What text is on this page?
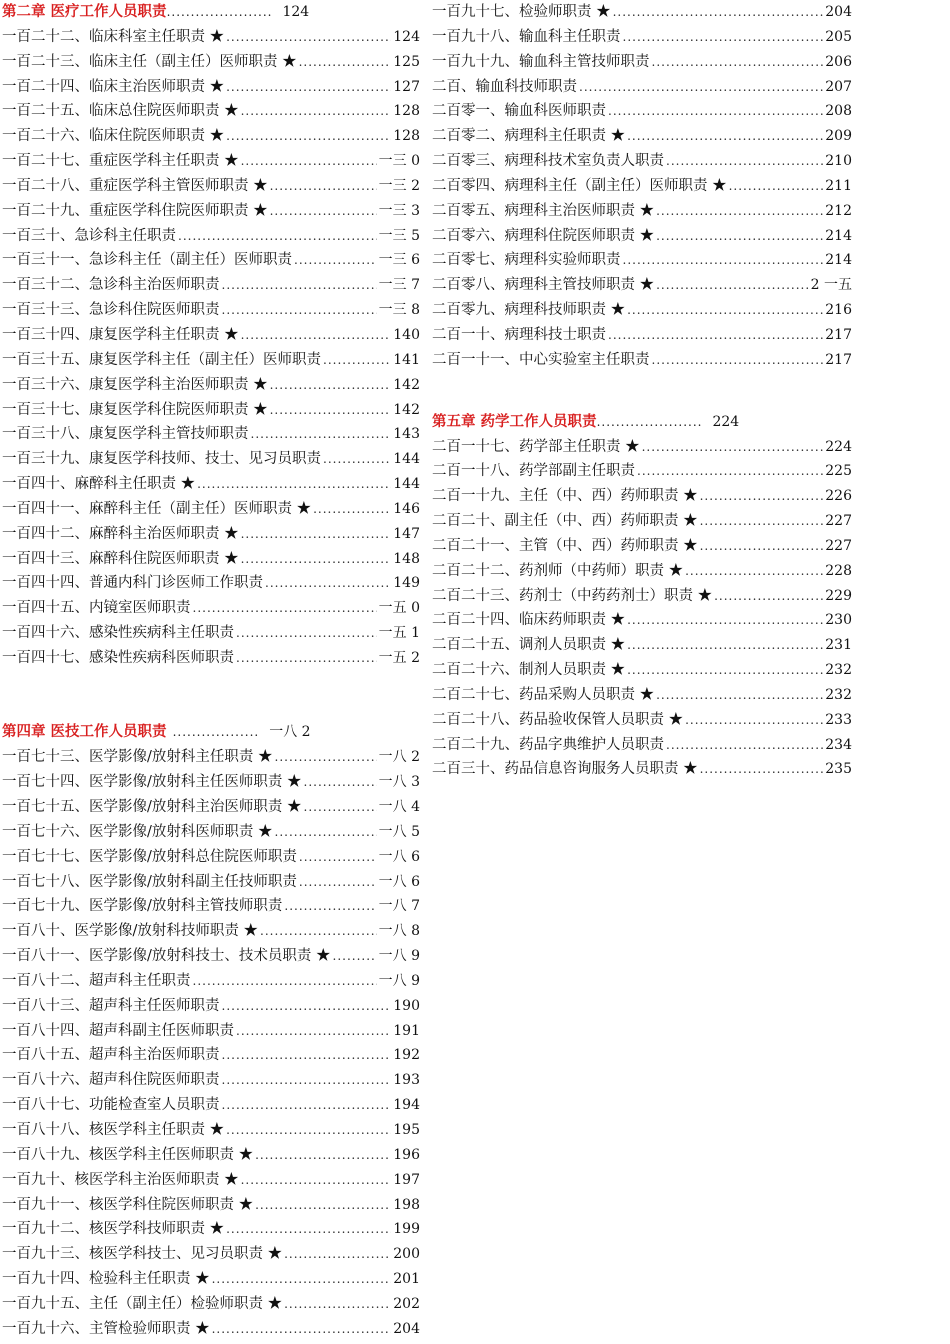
第二章 医疗工作人员职责 ...................... 124
一百二十二、临床科室主任职责 ★ .....	124
一百二十三、临床主任（副主任）医师职责 ★ .....	125
一百二十四、临床主治医师职责 ★ .....	127
一百二十五、临床总住院医师职责 ★ .....	128
一百二十六、临床住院医师职责 ★ .....	128
一百二十七、重症医学科主任职责 ★ .....	一三 0
一百二十八、重症医学科主管医师职责 ★ .....	一三 2
一百二十九、重症医学科住院医师职责 ★ .....	一三 3
一百三十、急诊科主任职责 .....	一三 5
一百三十一、急诊科主任（副主任）医师职责 .....	一三 6
一百三十二、急诊科主治医师职责 .....	一三 7
一百三十三、急诊科住院医师职责 .....	一三 8
一百三十四、康复医学科主任职责 ★ .....	140
一百三十五、康复医学科主任（副主任）医师职责 .....	141
一百三十六、康复医学科主治医师职责 ★ .....	142
一百三十七、康复医学科住院医师职责 ★ .....	142
一百三十八、康复医学科主管技师职责 .....	143
一百三十九、康复医学科技师、技士、见习员职责 .....	144
一百四十、麻醉科主任职责 ★ .....	144
一百四十一、麻醉科主任（副主任）医师职责 ★ .....	146
一百四十二、麻醉科主治医师职责 ★ .....	147
一百四十三、麻醉科住院医师职责 ★ .....	148
一百四十四、普通内科门诊医师工作职责 .....	149
一百四十五、内镜室医师职责 .....	一五 0
一百四十六、感染性疾病科主任职责 .....	一五 1
一百四十七、感染性疾病科医师职责 .....	一五 2
第四章 医技工作人员职责 .................. 一八 2
一百七十三、医学影像/放射科主任职责 ★ .....	一八 2
一百七十四、医学影像/放射科主任医师职责 ★ .....	一八 3
一百七十五、医学影像/放射科主治医师职责 ★ .....	一八 4
一百七十六、医学影像/放射科医师职责 ★ .....	一八 5
一百七十七、医学影像/放射科总住院医师职责 .....	一八 6
一百七十八、医学影像/放射科副主任技师职责 .....	一八 6
一百七十九、医学影像/放射科主管技师职责 .....	一八 7
一百八十、医学影像/放射科技师职责 ★ .....	一八 8
一百八十一、医学影像/放射科技士、技术员职责 ★ .....	一八 9
一百八十二、超声科主任职责 .....	一八 9
一百八十三、超声科主任医师职责 .....	190
一百八十四、超声科副主任医师职责 .....	191
一百八十五、超声科主治医师职责 .....	192
一百八十六、超声科住院医师职责 .....	193
一百八十七、功能检查室人员职责 .....	194
一百八十八、核医学科主任职责 ★ .....	195
一百八十九、核医学科主任医师职责 ★ .....	196
一百九十、核医学科主治医师职责 ★ .....	197
一百九十一、核医学科住院医师职责 ★ .....	198
一百九十二、核医学科技师职责 ★ .....	199
一百九十三、核医学科技士、见习员职责 ★ .....	200
一百九十四、检验科主任职责 ★ .....	201
一百九十五、主任（副主任）检验师职责 ★ .....	202
一百九十六、主管检验师职责 ★ .....	204
一百九十七、检验师职责 ★ .....	204
一百九十八、输血科主任职责 .....	205
一百九十九、输血科主管技师职责 .....	206
二百、输血科技师职责 .....	207
二百零一、输血科医师职责 .....	208
二百零二、病理科主任职责 ★ .....	209
二百零三、病理科技术室负责人职责 .....	210
二百零四、病理科主任（副主任）医师职责 ★ .....	211
二百零五、病理科主治医师职责 ★ .....	212
二百零六、病理科住院医师职责 ★ .....	214
二百零七、病理科实验师职责 .....	214
二百零八、病理科主管技师职责 ★ .....	2 一五
二百零九、病理科技师职责 ★ .....	216
二百一十、病理科技士职责 .....	217
二百一十一、中心实验室主任职责 .....	217
第五章 药学工作人员职责 ...................... 224
二百一十七、药学部主任职责 ★ .....	224
二百一十八、药学部副主任职责 .....	225
二百一十九、主任（中、西）药师职责 ★ .....	226
二百二十、副主任（中、西）药师职责 ★ .....	227
二百二十一、主管（中、西）药师职责 ★ .....	227
二百二十二、药剂师（中药师）职责 ★ .....	228
二百二十三、药剂士（中药药剂士）职责 ★ .....	229
二百二十四、临床药师职责 ★ .....	230
二百二十五、调剂人员职责 ★ .....	231
二百二十六、制剂人员职责 ★ .....	232
二百二十七、药品采购人员职责 ★ .....	232
二百二十八、药品验收保管人员职责 ★ .....	233
二百二十九、药品字典维护人员职责 .....	234
二百三十、药品信息咨询服务人员职责 ★ .....	235
